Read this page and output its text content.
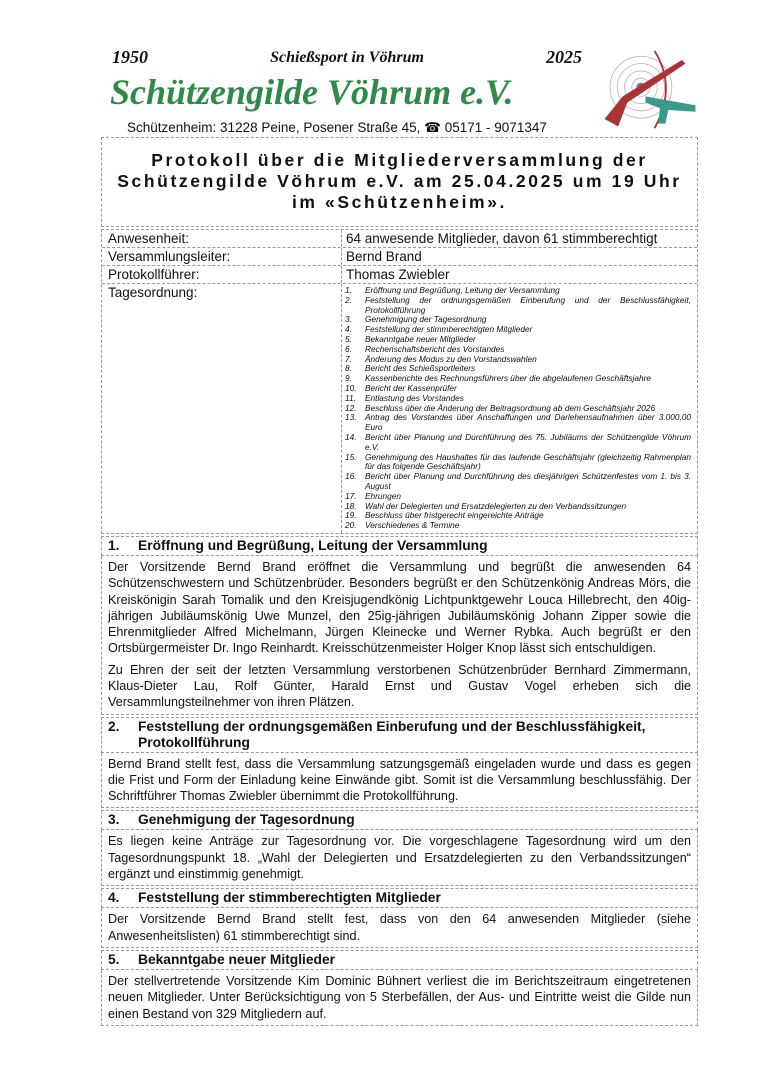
1950	Schießsport in Vöhrum	2025
Schützengilde Vöhrum e.V.
Schützenheim: 31228 Peine, Posener Straße 45, ☎ 05171 - 9071347
Protokoll über die Mitgliederversammlung der Schützengilde Vöhrum e.V. am 25.04.2025 um 19 Uhr im «Schützenheim».
Anwesenheit:	64 anwesende Mitglieder, davon 61 stimmberechtigt
Versammlungsleiter:	Bernd Brand
Protokollführer:	Thomas Zwiebler
Tagesordnung:	1.	Eröffnung und Begrüßung, Leitung der Versammlung
2.	Feststellung der ordnungsgemäßen Einberufung und der Beschlussfähigkeit, Protokollführung
3.	Genehmigung der Tagesordnung
4.	Feststellung der stimmberechtigten Mitglieder
5.	Bekanntgabe neuer Mitglieder
6.	Rechenschaftsbericht des Vorstandes
7.	Änderung des Modus zu den Vorstandswahlen
8.	Bericht des Schießsportleiters
9.	Kassenberichte des Rechnungsführers über die abgelaufenen Geschäftsjahre
10.	Bericht der Kassenprüfer
11.	Entlastung des Vorstandes
12.	Beschluss über die Änderung der Beitragsordnung ab dem Geschäftsjahr 2026
13.	Antrag des Vorstandes über Anschaffungen und Darlehensaufnahmen über 3.000,00 Euro
14.	Bericht über Planung und Durchführung des 75. Jubiläums der Schützengilde Vöhrum e.V.
15.	Genehmigung des Haushaltes für das laufende Geschäftsjahr (gleichzeitig Rahmenplan für das folgende Geschäftsjahr)
16.	Bericht über Planung und Durchführung des diesjährigen Schützenfestes vom 1. bis 3. August
17.	Ehrungen
18.	Wahl der Delegierten und Ersatzdelegierten zu den Verbandssitzungen
19.	Beschluss über fristgerecht eingereichte Anträge
20.	Verschiedenes & Termine
1.	Eröffnung und Begrüßung, Leitung der Versammlung

Der Vorsitzende Bernd Brand eröffnet die Versammlung und begrüßt die anwesenden 64 Schützenschwestern und Schützenbrüder. Besonders begrüßt er den Schützenkönig Andreas Mörs, die Kreiskönigin Sarah Tomalik und den Kreisjugendkönig Lichtpunktgewehr Louca Hillebrecht, den 40ig-jährigen Jubiläumskönig Uwe Munzel, den 25ig-jährigen Jubiläumskönig Johann Zipper sowie die Ehrenmitglieder Alfred Michelmann, Jürgen Kleinecke und Werner Rybka. Auch begrüßt er den Ortsbürgermeister Dr. Ingo Reinhardt. Kreisschützenmeister Holger Knop lässt sich entschuldigen.

Zu Ehren der seit der letzten Versammlung verstorbenen Schützenbrüder Bernhard Zimmermann, Klaus-Dieter Lau, Rolf Günter, Harald Ernst und Gustav Vogel erheben sich die Versammlungsteilnehmer von ihren Plätzen.

2.	Feststellung der ordnungsgemäßen Einberufung und der Beschlussfähigkeit, Protokollführung

Bernd Brand stellt fest, dass die Versammlung satzungsgemäß eingeladen wurde und dass es gegen die Frist und Form der Einladung keine Einwände gibt. Somit ist die Versammlung beschlussfähig. Der Schriftführer Thomas Zwiebler übernimmt die Protokollführung.

3.	Genehmigung der Tagesordnung

Es liegen keine Anträge zur Tagesordnung vor. Die vorgeschlagene Tagesordnung wird um den Tagesordnungspunkt 18. „Wahl der Delegierten und Ersatzdelegierten zu den Verbandssitzungen“ ergänzt und einstimmig genehmigt.

4.	Feststellung der stimmberechtigten Mitglieder

Der Vorsitzende Bernd Brand stellt fest, dass von den 64 anwesenden Mitglieder (siehe Anwesenheitslisten) 61 stimmberechtigt sind.

5.	Bekanntgabe neuer Mitglieder

Der stellvertretende Vorsitzende Kim Dominic Bühnert verliest die im Berichtszeitraum eingetretenen neuen Mitglieder. Unter Berücksichtigung von 5 Sterbefällen, der Aus- und Eintritte weist die Gilde nun einen Bestand von 329 Mitgliedern auf.
